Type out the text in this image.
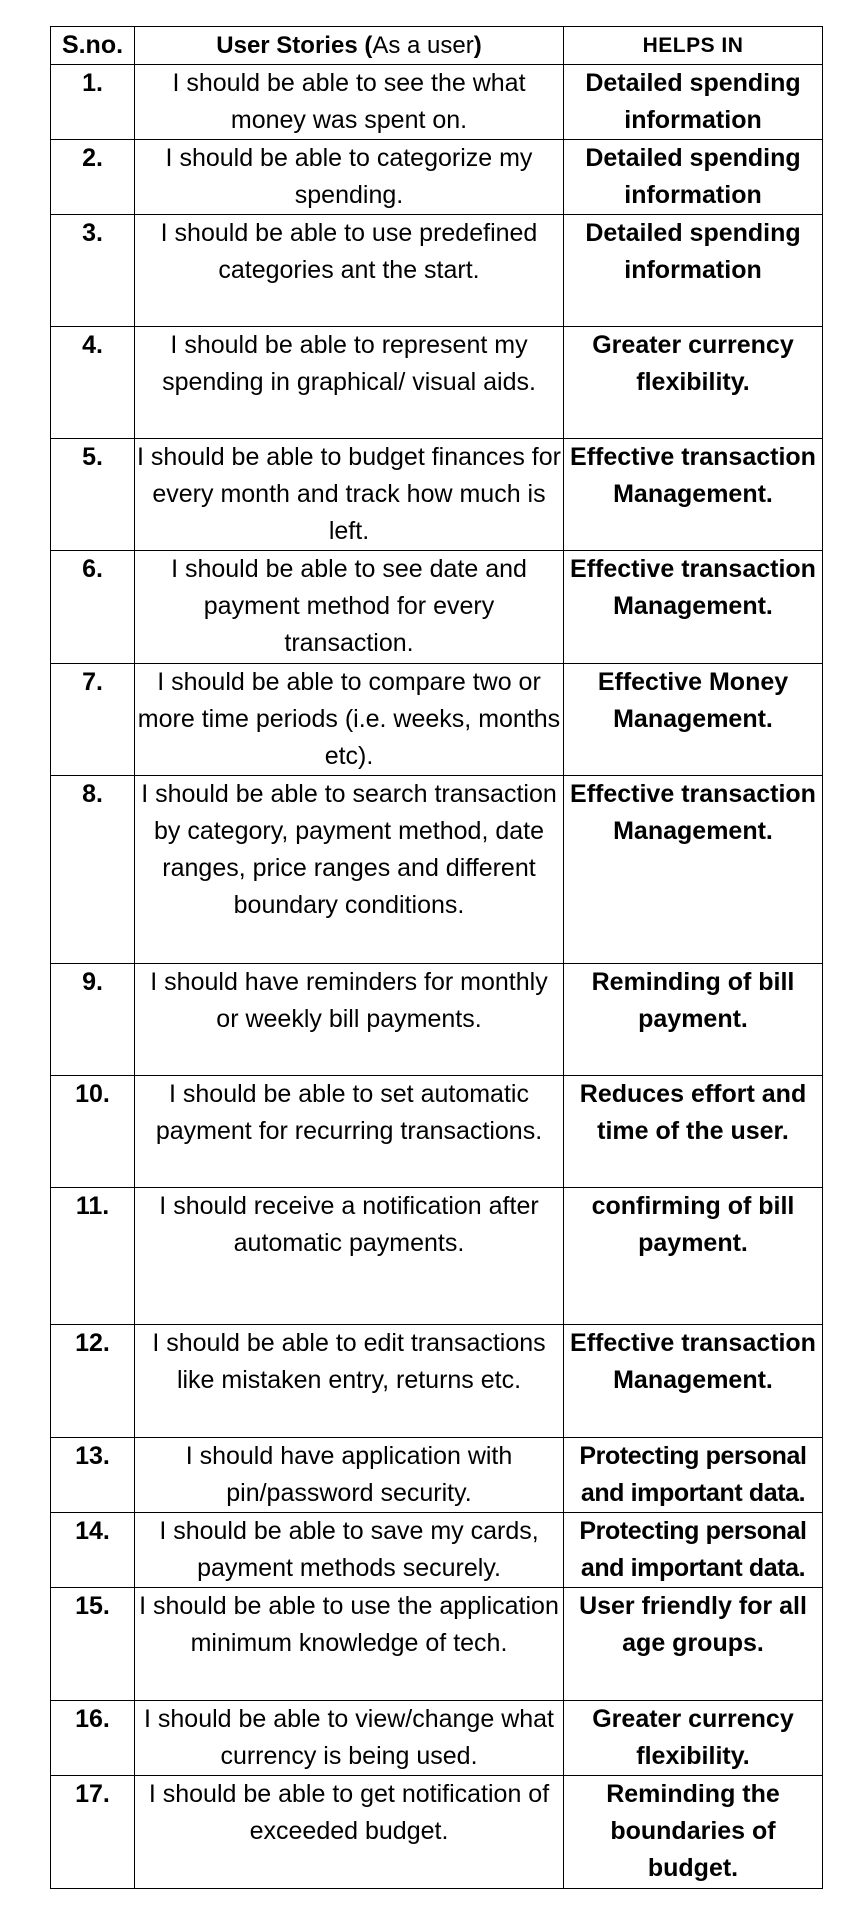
S.no.	User Stories (As a user)	HELPS IN
1.	I should be able to see the what money was spent on.	Detailed spending information
2.	I should be able to categorize my spending.	Detailed spending information
3.	I should be able to use predefined categories ant the start.	Detailed spending information
4.	I should be able to represent my spending in graphical/ visual aids.	Greater currency flexibility.
5.	I should be able to budget finances for every month and track how much is left.	Effective transaction Management.
6.	I should be able to see date and payment method for every transaction.	Effective transaction Management.
7.	I should be able to compare two or more time periods (i.e. weeks, months etc).	Effective Money Management.
8.	I should be able to search transaction by category, payment method, date ranges, price ranges and different boundary conditions.	Effective transaction Management.
9.	I should have reminders for monthly or weekly bill payments.	Reminding of bill payment.
10.	I should be able to set automatic payment for recurring transactions.	Reduces effort and time of the user.
11.	I should receive a notification after automatic payments.	confirming of bill payment.
12.	I should be able to edit transactions like mistaken entry, returns etc.	Effective transaction Management.
13.	I should have application with pin/password security.	Protecting personal and important data.
14.	I should be able to save my cards, payment methods securely.	Protecting personal and important data.
15.	I should be able to use the application minimum knowledge of tech.	User friendly for all age groups.
16.	I should be able to view/change what currency is being used.	Greater currency flexibility.
17.	I should be able to get notification of exceeded budget.	Reminding the boundaries of budget.
